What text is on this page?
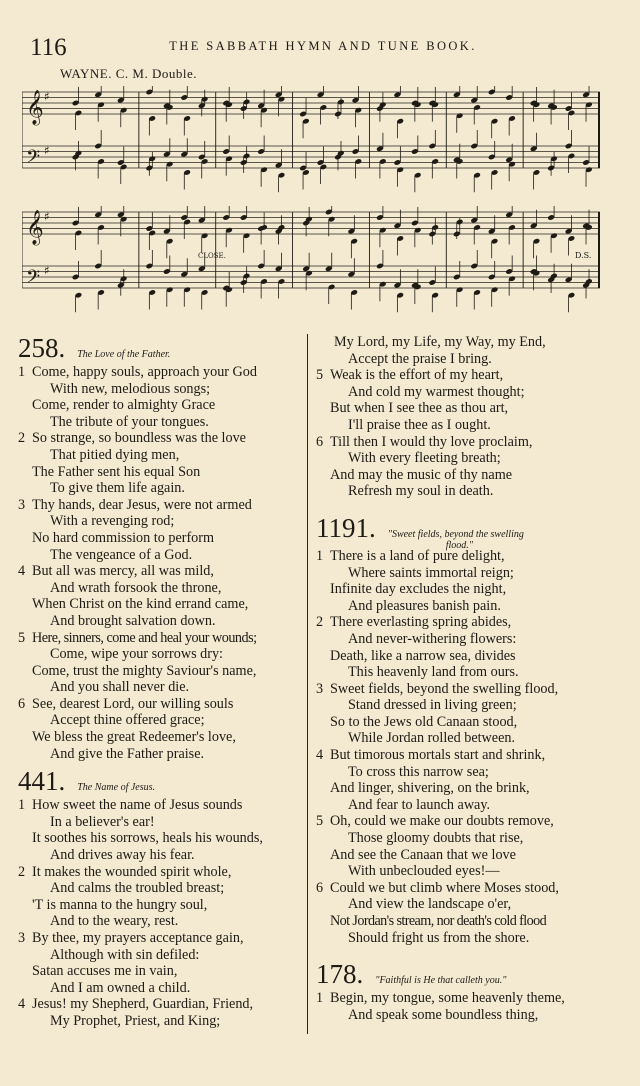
116	THE SABBATH HYMN AND TUNE BOOK.
WAYNE. C. M. Double.
𝄞 ♯
𝄢 ♯
𝄞 ♯
𝄢 ♯
CLOSE.	D.S.
258. The Love of the Father.
1 Come, happy souls, approach your God
With new, melodious songs;
Come, render to almighty Grace
The tribute of your tongues.
2 So strange, so boundless was the love
That pitied dying men,
The Father sent his equal Son
To give them life again.
3 Thy hands, dear Jesus, were not armed
With a revenging rod;
No hard commission to perform
The vengeance of a God.
4 But all was mercy, all was mild,
And wrath forsook the throne,
When Christ on the kind errand came,
And brought salvation down.
5 Here, sinners, come and heal your wounds;
Come, wipe your sorrows dry:
Come, trust the mighty Saviour's name,
And you shall never die.
6 See, dearest Lord, our willing souls
Accept thine offered grace;
We bless the great Redeemer's love,
And give the Father praise.
441. The Name of Jesus.
1 How sweet the name of Jesus sounds
In a believer's ear!
It soothes his sorrows, heals his wounds,
And drives away his fear.
2 It makes the wounded spirit whole,
And calms the troubled breast;
'T is manna to the hungry soul,
And to the weary, rest.
3 By thee, my prayers acceptance gain,
Although with sin defiled:
Satan accuses me in vain,
And I am owned a child.
4 Jesus! my Shepherd, Guardian, Friend,
My Prophet, Priest, and King;
My Lord, my Life, my Way, my End,
Accept the praise I bring.
5 Weak is the effort of my heart,
And cold my warmest thought;
But when I see thee as thou art,
I'll praise thee as I ought.
6 Till then I would thy love proclaim,
With every fleeting breath;
And may the music of thy name
Refresh my soul in death.
1191. "Sweet fields, beyond the swelling
flood."
1 There is a land of pure delight,
Where saints immortal reign;
Infinite day excludes the night,
And pleasures banish pain.
2 There everlasting spring abides,
And never-withering flowers:
Death, like a narrow sea, divides
This heavenly land from ours.
3 Sweet fields, beyond the swelling flood,
Stand dressed in living green;
So to the Jews old Canaan stood,
While Jordan rolled between.
4 But timorous mortals start and shrink,
To cross this narrow sea;
And linger, shivering, on the brink,
And fear to launch away.
5 Oh, could we make our doubts remove,
Those gloomy doubts that rise,
And see the Canaan that we love
With unbeclouded eyes!—
6 Could we but climb where Moses stood,
And view the landscape o'er,
Not Jordan's stream, nor death's cold flood
Should fright us from the shore.
178. "Faithful is He that calleth you."
1 Begin, my tongue, some heavenly theme,
And speak some boundless thing,
